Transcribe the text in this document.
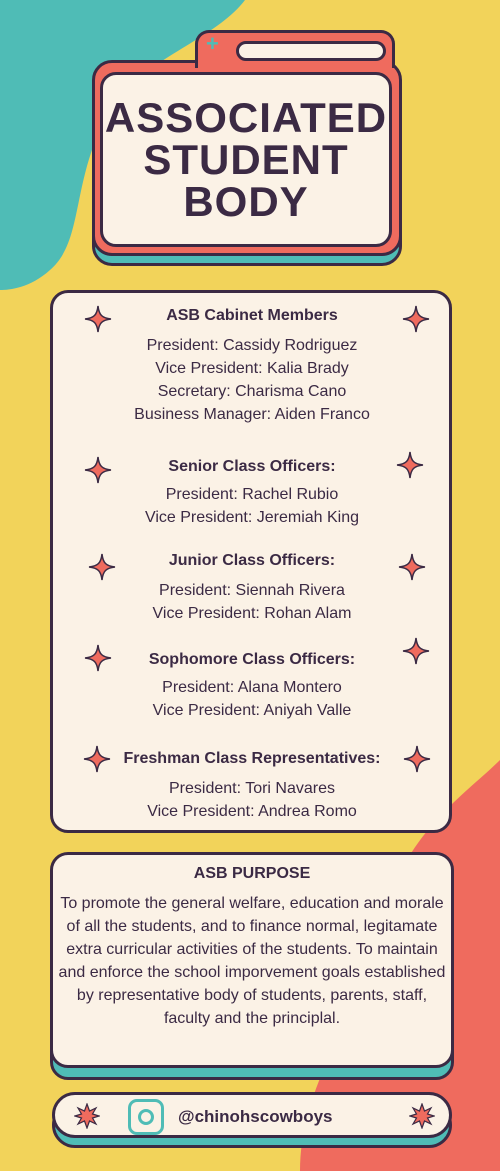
+
ASSOCIATED
STUDENT
BODY
ASB Cabinet Members
President: Cassidy Rodriguez
Vice President: Kalia Brady
Secretary: Charisma Cano
Business Manager: Aiden Franco
Senior Class Officers:
President: Rachel Rubio
Vice President: Jeremiah King
Junior Class Officers:
President: Siennah Rivera
Vice President: Rohan Alam
Sophomore Class Officers:
President: Alana Montero
Vice President: Aniyah Valle
Freshman Class Representatives:
President: Tori Navares
Vice President: Andrea Romo
ASB PURPOSE
To promote the general welfare, education and morale of all the students, and to finance normal, legitamate extra curricular activities of the students. To maintain and enforce the school imporvement goals established by representative body of students, parents, staff, faculty and the principlal.
@chinohscowboys
